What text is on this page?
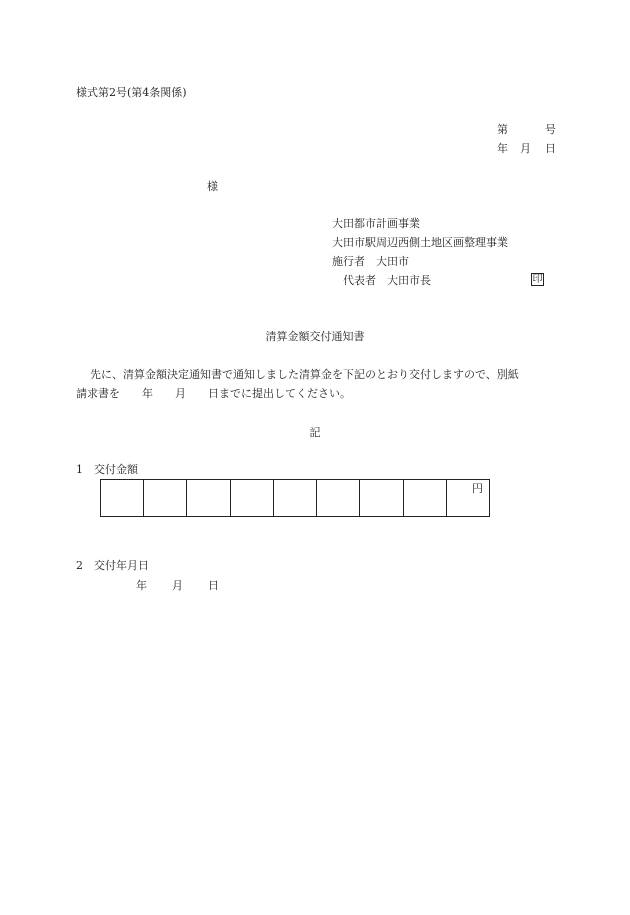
様式第2号(第4条関係)
第	号
年 月 日
様
大田都市計画事業
大田市駅周辺西側土地区画整理事業
施行者　大田市
代表者　大田市長	印
清算金額交付通知書
先に、清算金額決定通知書で通知しました清算金を下記のとおり交付しますので、別紙
請求書を　　年　　月　　日までに提出してください。
記
1　交付金額
円
2　交付年月日
年 月 日
